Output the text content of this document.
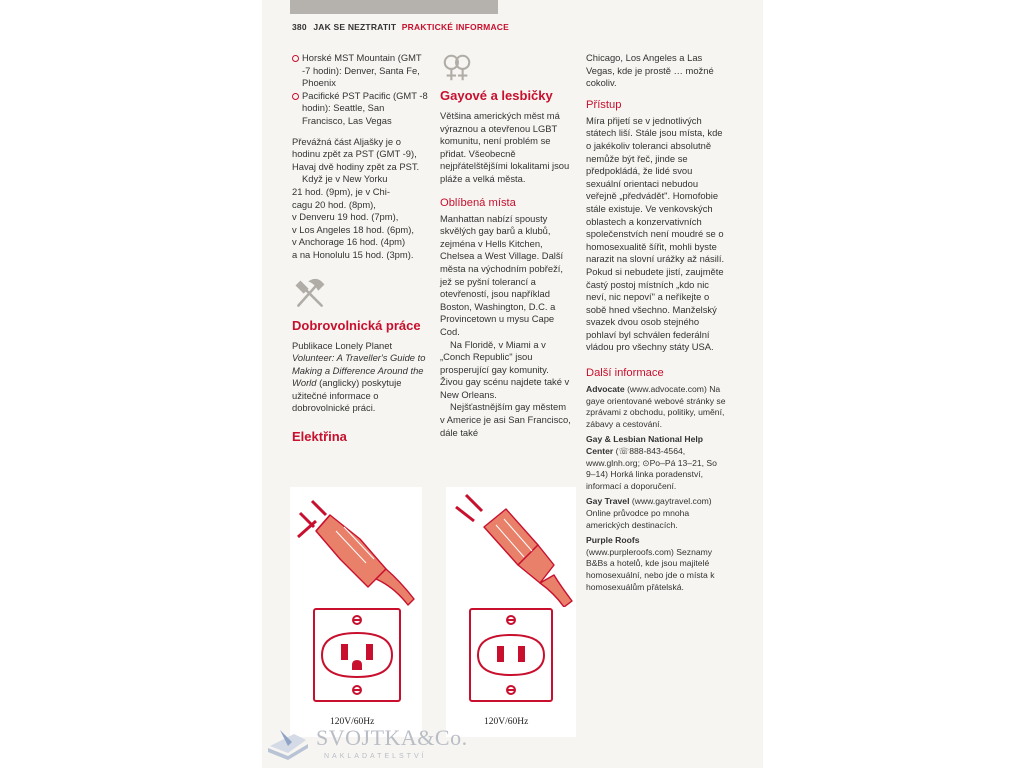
380 JAK SE NEZTRATIT PRAKTICKÉ INFORMACE

Horské MST Mountain (GMT -7 hodin): Denver, Santa Fe, Phoenix

Pacifické PST Pacific (GMT -8 hodin): Seattle, San Francisco, Las Vegas

Převážná část Aljašky je o hodinu zpět za PST (GMT -9), Havaj dvě hodiny zpět za PST.

Když je v New Yorku

21 hod. (9pm), je v Chi-

cagu 20 hod. (8pm),

v Denveru 19 hod. (7pm),

v Los Angeles 18 hod. (6pm),

v Anchorage 16 hod. (4pm)

a na Honolulu 15 hod. (3pm).

Dobrovolnická práce

Publikace Lonely Planet Volunteer: A Traveller's Guide to Making a Difference Around the World (anglicky) poskytuje užitečné informace o dobrovolnické práci.

Elektřina
Gayové a lesbičky

Většina amerických měst má výraznou a otevřenou LGBT komunitu, není problém se přidat. Všeobecně nejpřátelštějšími lokalitami jsou pláže a velká města.

Oblíbená místa

Manhattan nabízí spousty skvělých gay barů a klubů, zejména v Hells Kitchen, Chelsea a West Village. Další města na východním pobřeží, jež se pyšní tolerancí a otevřeností, jsou například Boston, Washington, D.C. a Provincetown u mysu Cape Cod.

Na Floridě, v Miami a v „Conch Republic" jsou prosperující gay komunity. Živou gay scénu najdete také v New Orleans.

Nejšťastnějším gay městem v Americe je asi San Francisco, dále také

Chicago, Los Angeles a Las Vegas, kde je prostě … možné cokoliv.

Přístup

Míra přijetí se v jednotlivých státech liší. Stále jsou místa, kde o jakékoliv toleranci absolutně nemůže být řeč, jinde se předpokládá, že lidé svou sexuální orientaci nebudou veřejně „předvádět". Homofobie stále existuje. Ve venkovských oblastech a konzervativních společenstvích není moudré se o homosexualitě šířit, mohli byste narazit na slovní urážky až násilí. Pokud si nebudete jistí, zaujměte častý postoj místních „kdo nic neví, nic nepoví" a neříkejte o sobě hned všechno. Manželský svazek dvou osob stejného pohlaví byl schválen federální vládou pro všechny státy USA.

Další informace

Advocate (www.advocate.com) Na gaye orientované webové stránky se zprávami z obchodu, politiky, umění, zábavy a cestování.

Gay & Lesbian National Help Center (☏888-843-4564, www.glnh.org; ⊙Po–Pá 13–21, So 9–14) Horká linka poradenství, informací a doporučení.

Gay Travel (www.gaytravel.com) Online průvodce po mnoha amerických destinacích.

Purple Roofs (www.purpleroofs.com) Seznamy B&Bs a hotelů, kde jsou majitelé homosexuální, nebo jde o místa k homosexuálům přátelská.

120V/60Hz	120V/60Hz
SVOJTKA&Co.
NAKLADATELSTVÍ
